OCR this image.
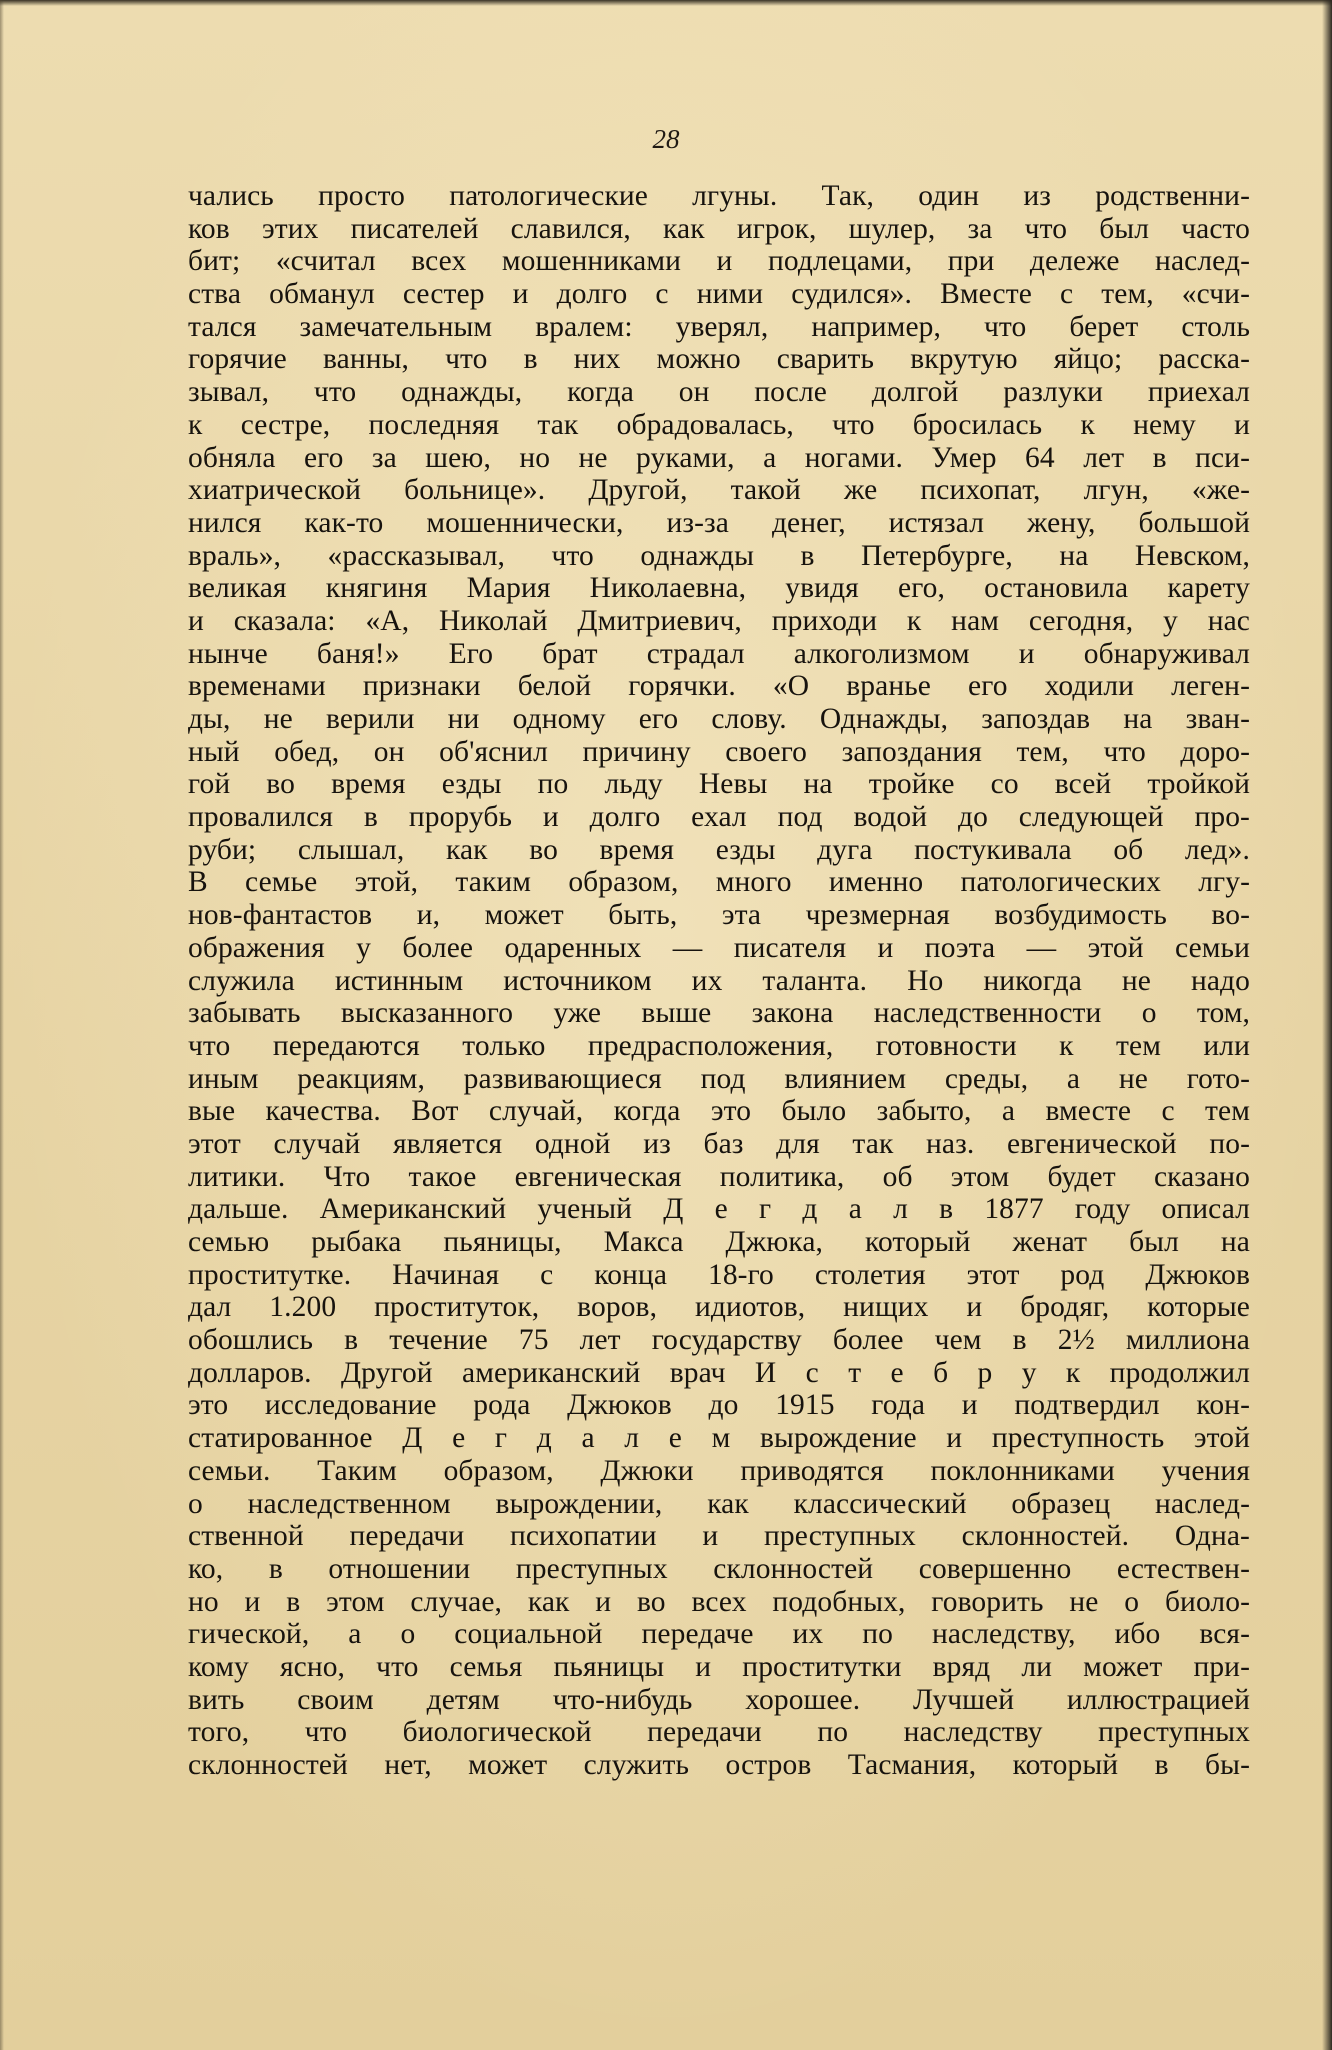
28
чались просто патологические лгуны. Так, один из родственни-
ков этих писателей славился, как игрок, шулер, за что был часто
бит; «считал всех мошенниками и подлецами, при дележе наслед-
ства обманул сестер и долго с ними судился». Вместе с тем, «счи-
тался замечательным вралем: уверял, например, что берет столь
горячие ванны, что в них можно сварить вкрутую яйцо; расска-
зывал, что однажды, когда он после долгой разлуки приехал
к сестре, последняя так обрадовалась, что бросилась к нему и
обняла его за шею, но не руками, а ногами. Умер 64 лет в пси-
хиатрической больнице». Другой, такой же психопат, лгун, «же-
нился как-то мошеннически, из-за денег, истязал жену, большой
враль», «рассказывал, что однажды в Петербурге, на Невском,
великая княгиня Мария Николаевна, увидя его, остановила карету
и сказала: «А, Николай Дмитриевич, приходи к нам сегодня, у нас
нынче баня!» Его брат страдал алкоголизмом и обнаруживал
временами признаки белой горячки. «О вранье его ходили леген-
ды, не верили ни одному его слову. Однажды, запоздав на зван-
ный обед, он об'яснил причину своего запоздания тем, что доро-
гой во время езды по льду Невы на тройке со всей тройкой
провалился в прорубь и долго ехал под водой до следующей про-
руби; слышал, как во время езды дуга постукивала об лед».
В семье этой, таким образом, много именно патологических лгу-
нов-фантастов и, может быть, эта чрезмерная возбудимость во-
ображения у более одаренных — писателя и поэта — этой семьи
служила истинным источником их таланта. Но никогда не надо
забывать высказанного уже выше закона наследственности о том,
что передаются только предрасположения, готовности к тем или
иным реакциям, развивающиеся под влиянием среды, а не гото-
вые качества. Вот случай, когда это было забыто, а вместе с тем
этот случай является одной из баз для так наз. евгенической по-
литики. Что такое евгеническая политика, об этом будет сказано
дальше. Американский ученый Д е г д а л в 1877 году описал
семью рыбака пьяницы, Макса Джюка, который женат был на
проститутке. Начиная с конца 18-го столетия этот род Джюков
дал 1.200 проституток, воров, идиотов, нищих и бродяг, которые
обошлись в течение 75 лет государству более чем в 2½ миллиона
долларов. Другой американский врач И с т е б р у к продолжил
это исследование рода Джюков до 1915 года и подтвердил кон-
статированное Д е г д а л е м вырождение и преступность этой
семьи. Таким образом, Джюки приводятся поклонниками учения
о наследственном вырождении, как классический образец наслед-
ственной передачи психопатии и преступных склонностей. Одна-
ко, в отношении преступных склонностей совершенно естествен-
но и в этом случае, как и во всех подобных, говорить не о биоло-
гической, а о социальной передаче их по наследству, ибо вся-
кому ясно, что семья пьяницы и проститутки вряд ли может при-
вить своим детям что-нибудь хорошее. Лучшей иллюстрацией
того, что биологической передачи по наследству преступных
склонностей нет, может служить остров Тасмания, который в бы-
